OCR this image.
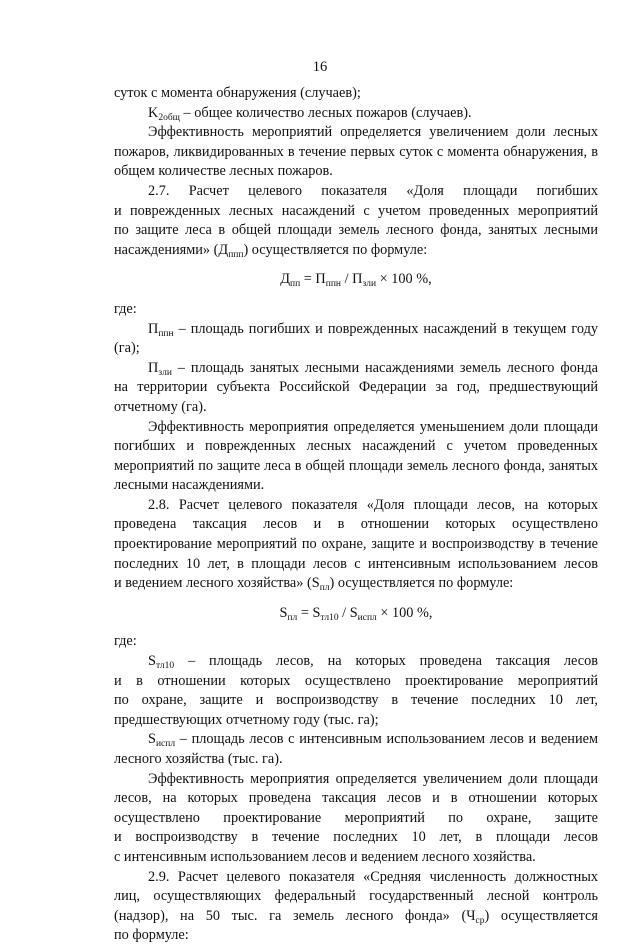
16

суток с момента обнаружения (случаев);

$K_{2общ}$ – общее количество лесных пожаров (случаев).

Эффективность мероприятий определяется увеличением доли лесных

пожаров, ликвидированных в течение первых суток с момента обнаружения, в

общем количестве лесных пожаров.

2.7. Расчет целевого показателя «Доля площади погибших

и поврежденных лесных насаждений с учетом проведенных мероприятий

по защите леса в общей площади земель лесного фонда, занятых лесными

насаждениями» $(Д_{ппп})$ осуществляется по формуле:

$Д_{пп} = П_{ппн} / П_{зли} \times 100$ %,

где:

$П_{ппн}$ – площадь погибших и поврежденных насаждений в текущем году

(га);

$П_{зли}$ – площадь занятых лесными насаждениями земель лесного фонда

на территории субъекта Российской Федерации за год, предшествующий

отчетному (га).

Эффективность мероприятия определяется уменьшением доли площади

погибших и поврежденных лесных насаждений с учетом проведенных

мероприятий по защите леса в общей площади земель лесного фонда, занятых

лесными насаждениями.

2.8. Расчет целевого показателя «Доля площади лесов, на которых

проведена таксация лесов и в отношении которых осуществлено

проектирование мероприятий по охране, защите и воспроизводству в течение

последних 10 лет, в площади лесов с интенсивным использованием лесов

и ведением лесного хозяйства» $(S_{пл})$ осуществляется по формуле:

$S_{пл} = S_{тл10} / S_{испл} \times 100$ %,

где:

$S_{тл10}$ – площадь лесов, на которых проведена таксация лесов

и в отношении которых осуществлено проектирование мероприятий

по охране, защите и воспроизводству в течение последних 10 лет,

предшествующих отчетному году (тыс. га);

$S_{испл}$ – площадь лесов с интенсивным использованием лесов и ведением

лесного хозяйства (тыс. га).

Эффективность мероприятия определяется увеличением доли площади

лесов, на которых проведена таксация лесов и в отношении которых

осуществлено проектирование мероприятий по охране, защите

и воспроизводству в течение последних 10 лет, в площади лесов

с интенсивным использованием лесов и ведением лесного хозяйства.

2.9. Расчет целевого показателя «Средняя численность должностных

лиц, осуществляющих федеральный государственный лесной контроль

(надзор), на 50 тыс. га земель лесного фонда» $(Ч_{ср})$ осуществляется

по формуле:
